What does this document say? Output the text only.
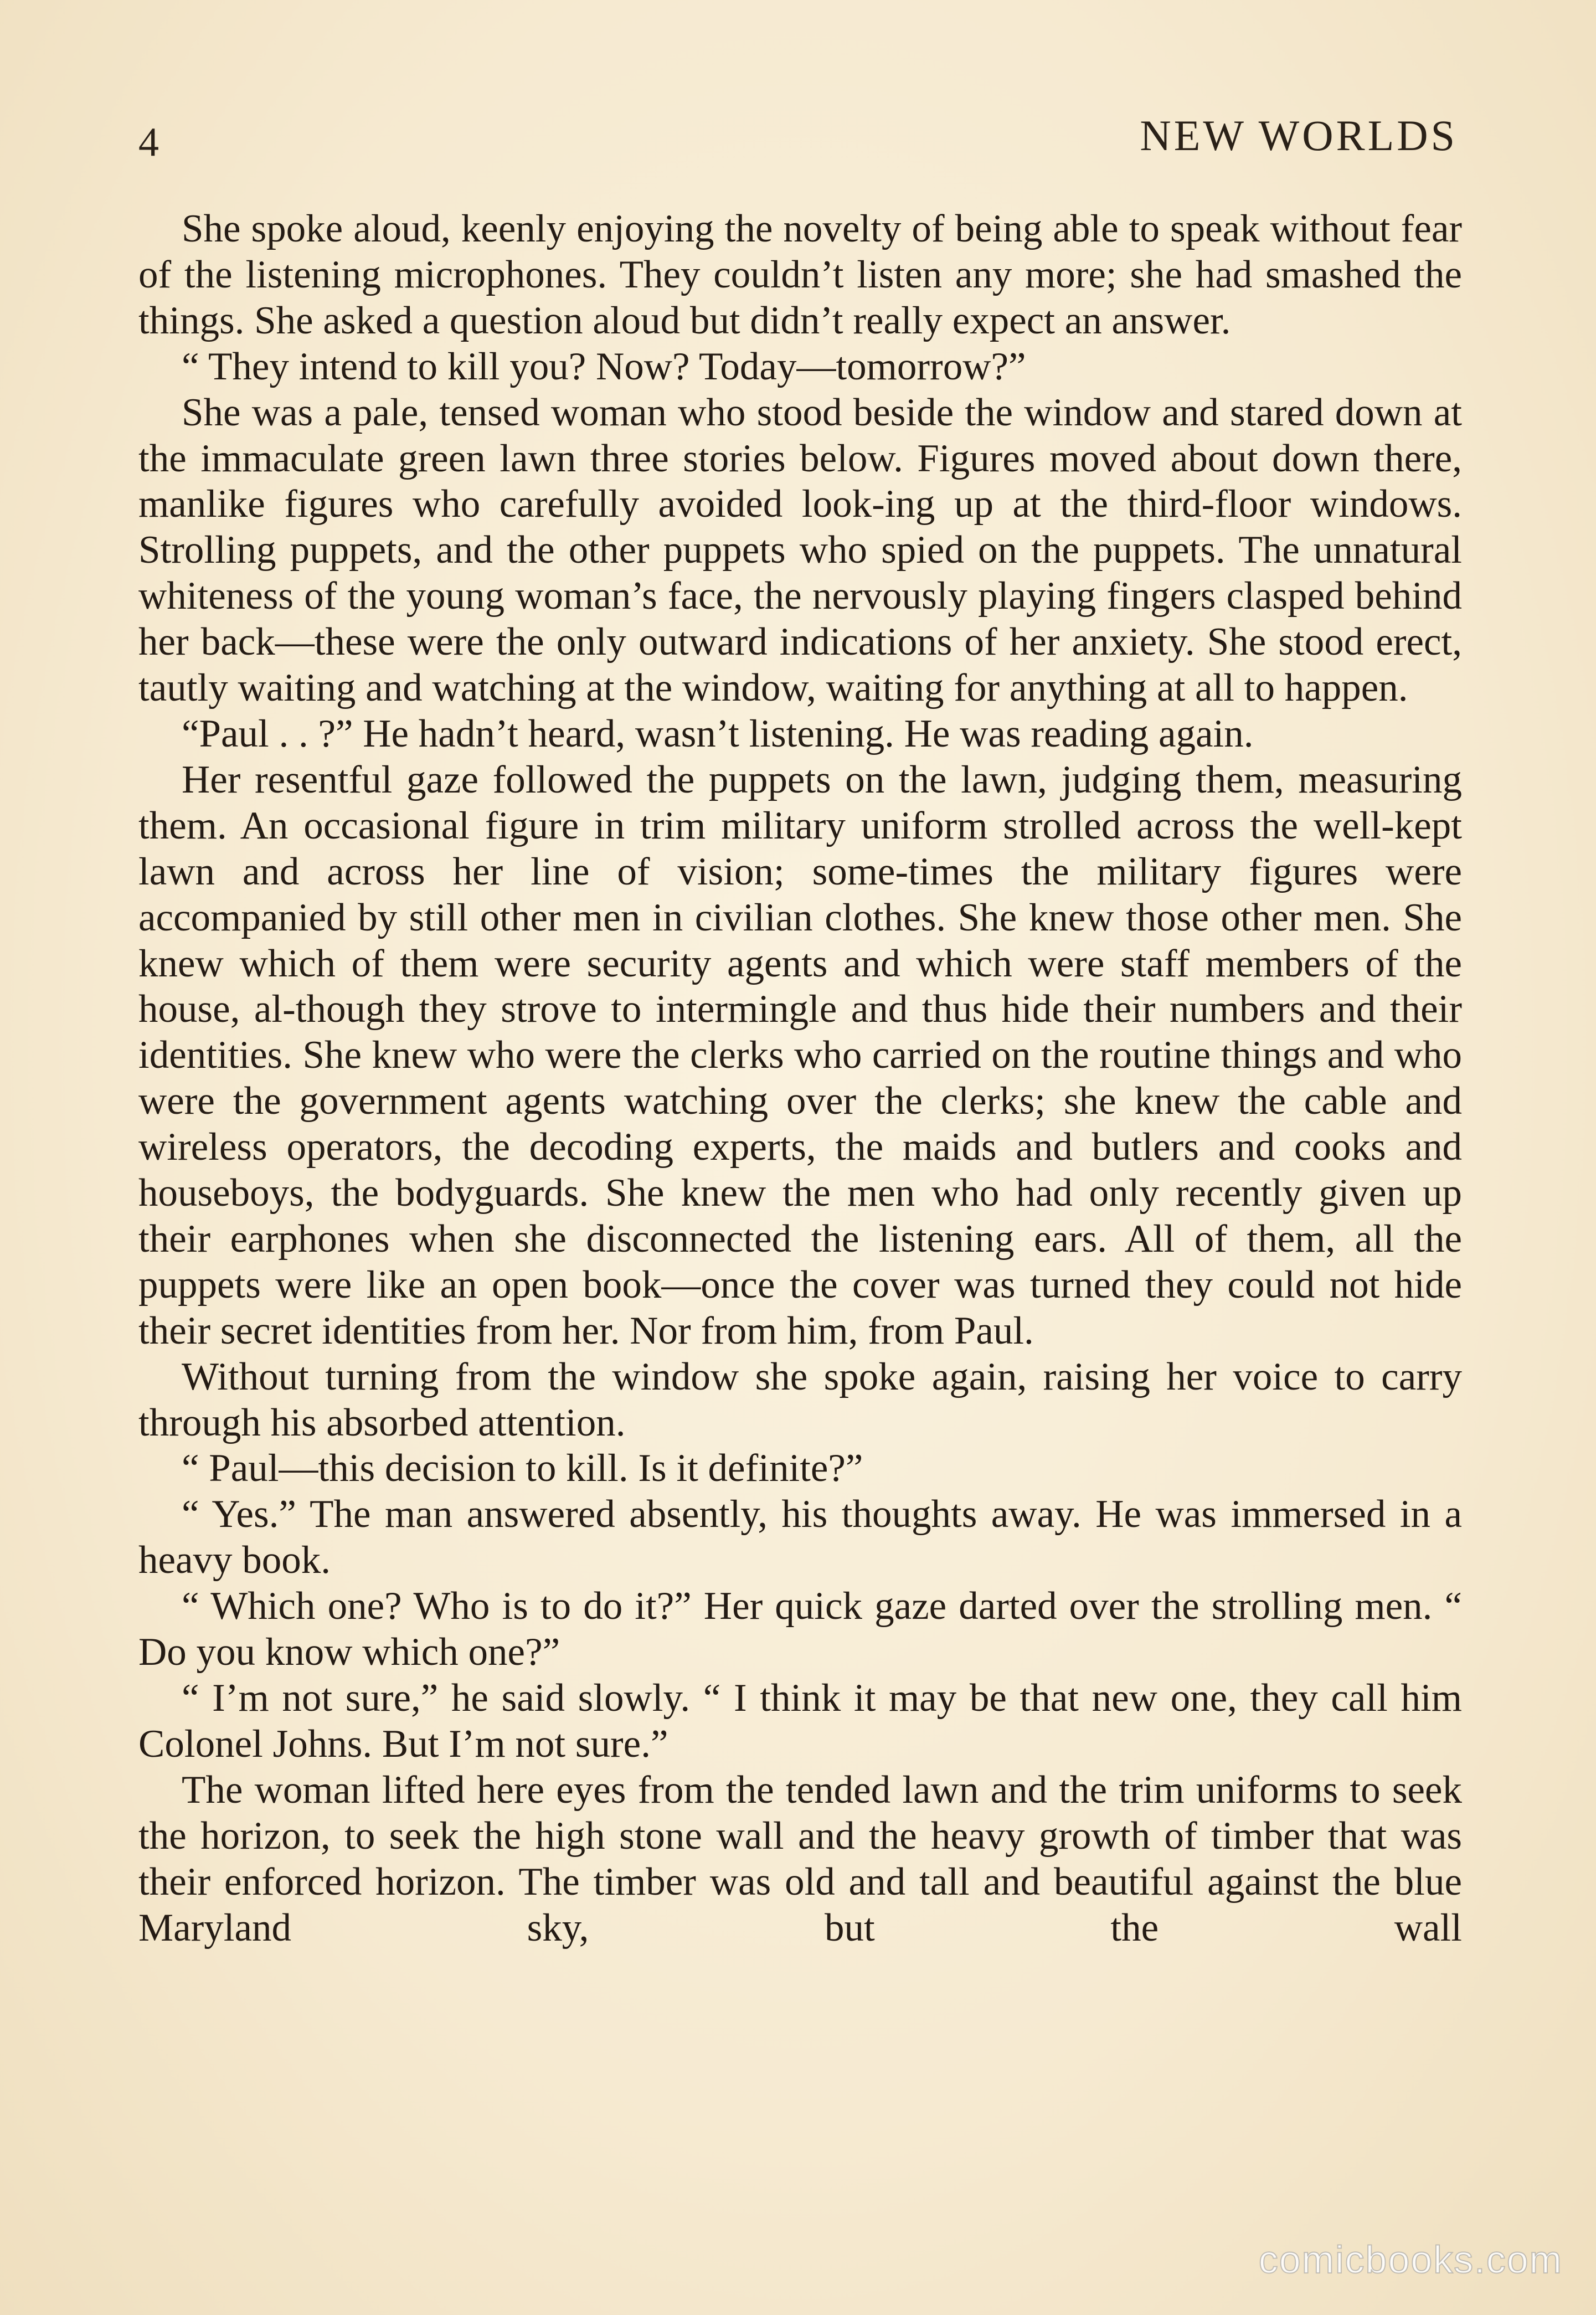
4	NEW WORLDS

She spoke aloud, keenly enjoying the novelty of being able to speak without fear of the listening microphones. They couldn’t listen any more; she had smashed the things. She asked a question aloud but didn’t really expect an answer.

“ They intend to kill you? Now? Today—tomorrow?”

She was a pale, tensed woman who stood beside the window and stared down at the immaculate green lawn three stories below. Figures moved about down there, manlike figures who carefully avoided look-ing up at the third-floor windows. Strolling puppets, and the other puppets who spied on the puppets. The unnatural whiteness of the young woman’s face, the nervously playing fingers clasped behind her back—these were the only outward indications of her anxiety. She stood erect, tautly waiting and watching at the window, waiting for anything at all to happen.

“Paul . . ?” He hadn’t heard, wasn’t listening. He was reading again.

Her resentful gaze followed the puppets on the lawn, judging them, measuring them. An occasional figure in trim military uniform strolled across the well-kept lawn and across her line of vision; some-times the military figures were accompanied by still other men in civilian clothes. She knew those other men. She knew which of them were security agents and which were staff members of the house, al-though they strove to intermingle and thus hide their numbers and their identities. She knew who were the clerks who carried on the routine things and who were the government agents watching over the clerks; she knew the cable and wireless operators, the decoding experts, the maids and butlers and cooks and houseboys, the bodyguards. She knew the men who had only recently given up their earphones when she disconnected the listening ears. All of them, all the puppets were like an open book—once the cover was turned they could not hide their secret identities from her. Nor from him, from Paul.

Without turning from the window she spoke again, raising her voice to carry through his absorbed attention.

“ Paul—this decision to kill. Is it definite?”

“ Yes.” The man answered absently, his thoughts away. He was immersed in a heavy book.

“ Which one? Who is to do it?” Her quick gaze darted over the strolling men. “ Do you know which one?”

“ I’m not sure,” he said slowly. “ I think it may be that new one, they call him Colonel Johns. But I’m not sure.”

The woman lifted here eyes from the tended lawn and the trim uniforms to seek the horizon, to seek the high stone wall and the heavy growth of timber that was their enforced horizon. The timber was old and tall and beautiful against the blue Maryland sky, but the wall

comicbooks.com
